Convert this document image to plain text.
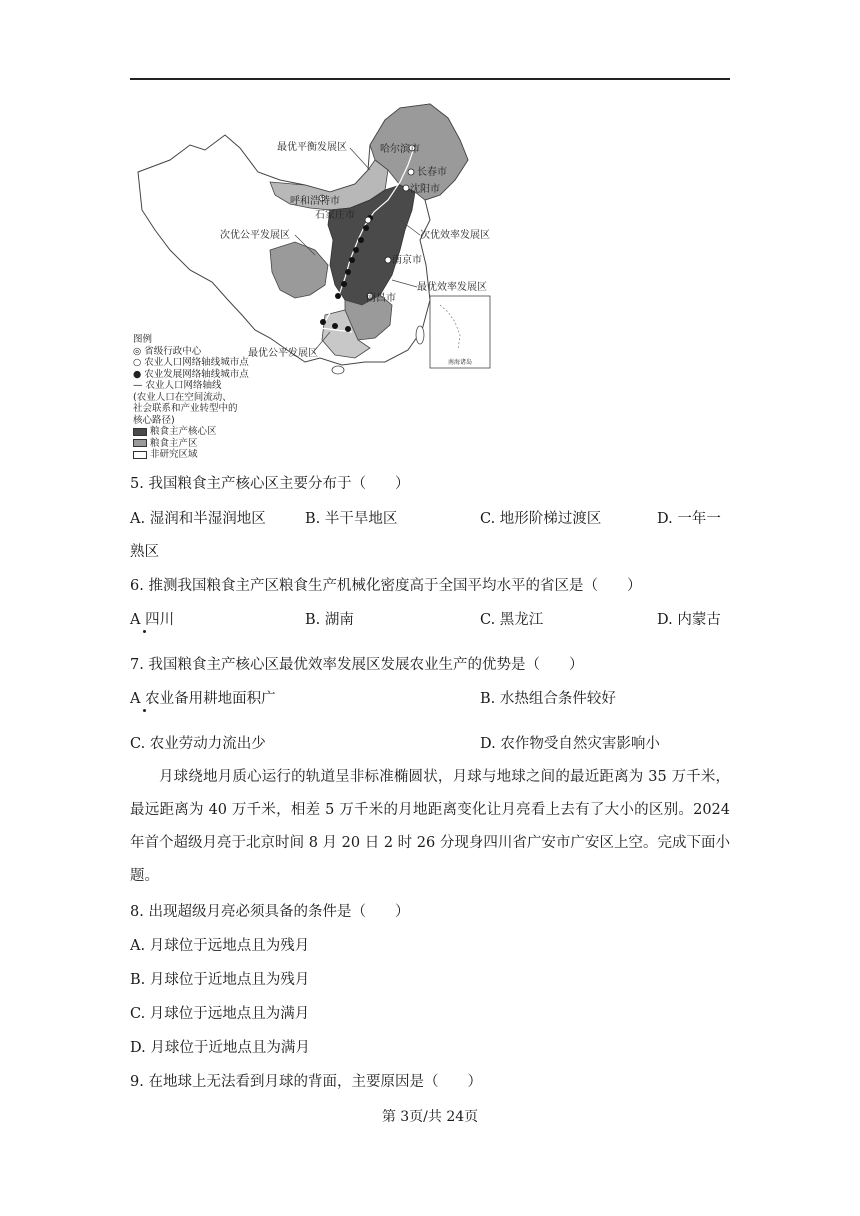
最优平衡发展区	哈尔滨市
长春市
沈阳市
呼和浩特市
石家庄市
次优公平发展区	次优效率发展区
南京市
最优效率发展区
南昌市
最优公平发展区
南海诸岛
图例
◎ 省级行政中心
○ 农业人口网络轴线城市点
● 农业发展网络轴线城市点
— 农业人口网络轴线
(农业人口在空间流动、
社会联系和产业转型中的
核心路径)
粮食主产核心区
粮食主产区
非研究区域
5. 我国粮食主产核心区主要分布于（　　）
A. 湿润和半湿润地区	B. 半干旱地区	C. 地形阶梯过渡区	D. 一年一
熟区
6. 推测我国粮食主产区粮食生产机械化密度高于全国平均水平的省区是（　　）
A 四川	B. 湖南	C. 黑龙江	D. 内蒙古
7. 我国粮食主产核心区最优效率发展区发展农业生产的优势是（　　）
A 农业备用耕地面积广	B. 水热组合条件较好
C. 农业劳动力流出少	D. 农作物受自然灾害影响小

月球绕地月质心运行的轨道呈非标准椭圆状，月球与地球之间的最近距离为 35 万千米，最远距离为 40 万千米，相差 5 万千米的月地距离变化让月亮看上去有了大小的区别。2024 年首个超级月亮于北京时间 8 月 20 日 2 时 26 分现身四川省广安市广安区上空。完成下面小题。

8. 出现超级月亮必须具备的条件是（　　）
A. 月球位于远地点且为残月
B. 月球位于近地点且为残月
C. 月球位于远地点且为满月
D. 月球位于近地点且为满月
9. 在地球上无法看到月球的背面，主要原因是（　　）
第 3页/共 24页
